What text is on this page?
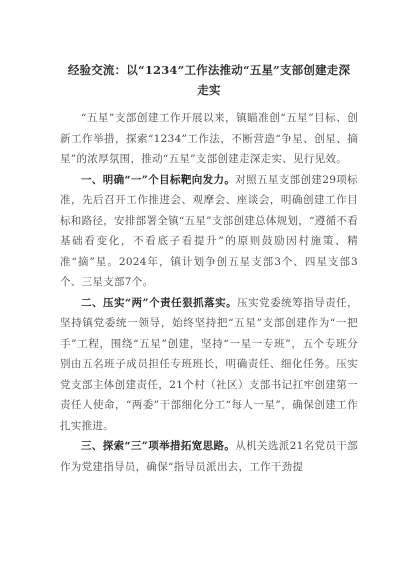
经验交流：以“1234”工作法推动“五星”支部创建走深
走实

“五星”支部创建工作开展以来，镇瞄准创“五星”目标、创新工作举措，探索“1234”工作法，不断营造“争星、创星、摘星”的浓厚氛围，推动“五星”支部创建走深走实、见行见效。

一、明确“一”个目标靶向发力。对照五星支部创建29项标准，先后召开工作推进会、观摩会、座谈会，明确创建工作目标和路径，安排部署全镇“五星”支部创建总体规划，“遵循不看基础看变化，不看底子看提升”的原则鼓励因村施策、精准“摘”星。2024年，镇计划争创五星支部3个、四星支部3个、三星支部7个。

二、压实“两”个责任狠抓落实。压实党委统筹指导责任，坚持镇党委统一领导，始终坚持把“五星”支部创建作为“一把手”工程，围绕“五星”创建，坚持“一星一专班”，五个专班分别由五名班子成员担任专班班长，明确责任、细化任务。压实党支部主体创建责任，21个村（社区）支部书记扛牢创建第一责任人使命，“两委”干部细化分工“每人一星”，确保创建工作扎实推进。

三、探索“三”项举措拓宽思路。从机关选派21名党员干部作为党建指导员，确保“指导员派出去，工作干劲提
